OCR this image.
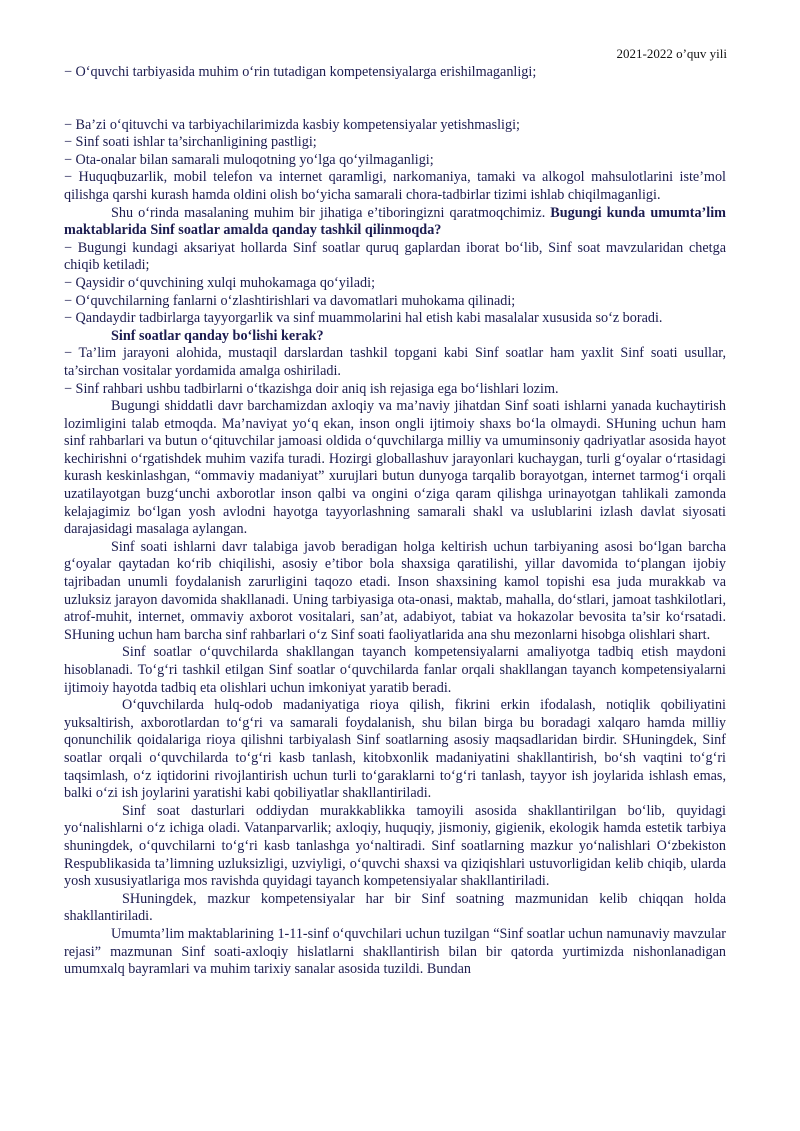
2021-2022 o’quv yili

− O‘quvchi tarbiyasida muhim o‘rin tutadigan kompetensiyalarga erishilmaganligi;

− Ba’zi o‘qituvchi va tarbiyachilarimizda kasbiy kompetensiyalar yetishmasligi;

− Sinf soati ishlar ta’sirchanligining pastligi;

− Ota-onalar bilan samarali muloqotning yo‘lga qo‘yilmaganligi;

− Huquqbuzarlik, mobil telefon va internet qaramligi, narkomaniya, tamaki va alkogol mahsulotlarini iste’mol qilishga qarshi kurash hamda oldini olish bo‘yicha samarali chora-tadbirlar tizimi ishlab chiqilmaganligi.

Shu o‘rinda masalaning muhim bir jihatiga e’tiboringizni qaratmoqchimiz. Bugungi kunda umumta’lim maktablarida Sinf soatlar amalda qanday tashkil qilinmoqda?

− Bugungi kundagi aksariyat hollarda Sinf soatlar quruq gaplardan iborat bo‘lib, Sinf soat mavzularidan chetga chiqib ketiladi;

− Qaysidir o‘quvchining xulqi muhokamaga qo‘yiladi;

− O‘quvchilarning fanlarni o‘zlashtirishlari va davomatlari muhokama qilinadi;

− Qandaydir tadbirlarga tayyorgarlik va sinf muammolarini hal etish kabi masalalar xususida so‘z boradi.

Sinf soatlar qanday bo‘lishi kerak?

− Ta’lim jarayoni alohida, mustaqil darslardan tashkil topgani kabi Sinf soatlar ham yaxlit Sinf soati usullar, ta’sirchan vositalar yordamida amalga oshiriladi.

− Sinf rahbari ushbu tadbirlarni o‘tkazishga doir aniq ish rejasiga ega bo‘lishlari lozim.

Bugungi shiddatli davr barchamizdan axloqiy va ma’naviy jihatdan Sinf soati ishlarni yanada kuchaytirish lozimligini talab etmoqda. Ma’naviyat yo‘q ekan, inson ongli ijtimoiy shaxs bo‘la olmaydi. SHuning uchun ham sinf rahbarlari va butun o‘qituvchilar jamoasi oldida o‘quvchilarga milliy va umuminsoniy qadriyatlar asosida hayot kechirishni o‘rgatishdek muhim vazifa turadi. Hozirgi globallashuv jarayonlari kuchaygan, turli g‘oyalar o‘rtasidagi kurash keskinlashgan, “ommaviy madaniyat” xurujlari butun dunyoga tarqalib borayotgan, internet tarmog‘i orqali uzatilayotgan buzg‘unchi axborotlar inson qalbi va ongini o‘ziga qaram qilishga urinayotgan tahlikali zamonda kelajagimiz bo‘lgan yosh avlodni hayotga tayyorlashning samarali shakl va uslublarini izlash davlat siyosati darajasidagi masalaga aylangan.

Sinf soati ishlarni davr talabiga javob beradigan holga keltirish uchun tarbiyaning asosi bo‘lgan barcha g‘oyalar qaytadan ko‘rib chiqilishi, asosiy e’tibor bola shaxsiga qaratilishi, yillar davomida to‘plangan ijobiy tajribadan unumli foydalanish zarurligini taqozo etadi. Inson shaxsining kamol topishi esa juda murakkab va uzluksiz jarayon davomida shakllanadi. Uning tarbiyasiga ota-onasi, maktab, mahalla, do‘stlari, jamoat tashkilotlari, atrof-muhit, internet, ommaviy axborot vositalari, san’at, adabiyot, tabiat va hokazolar bevosita ta’sir ko‘rsatadi. SHuning uchun ham barcha sinf rahbarlari o‘z Sinf soati faoliyatlarida ana shu mezonlarni hisobga olishlari shart.

Sinf soatlar o‘quvchilarda shakllangan tayanch kompetensiyalarni amaliyotga tadbiq etish maydoni hisoblanadi. To‘g‘ri tashkil etilgan Sinf soatlar o‘quvchilarda fanlar orqali shakllangan tayanch kompetensiyalarni ijtimoiy hayotda tadbiq eta olishlari uchun imkoniyat yaratib beradi.

O‘quvchilarda hulq-odob madaniyatiga rioya qilish, fikrini erkin ifodalash, notiqlik qobiliyatini yuksaltirish, axborotlardan to‘g‘ri va samarali foydalanish, shu bilan birga bu boradagi xalqaro hamda milliy qonunchilik qoidalariga rioya qilishni tarbiyalash Sinf soatlarning asosiy maqsadlaridan birdir. SHuningdek, Sinf soatlar orqali o‘quvchilarda to‘g‘ri kasb tanlash, kitobxonlik madaniyatini shakllantirish, bo‘sh vaqtini to‘g‘ri taqsimlash, o‘z iqtidorini rivojlantirish uchun turli to‘garaklarni to‘g‘ri tanlash, tayyor ish joylarida ishlash emas, balki o‘zi ish joylarini yaratishi kabi qobiliyatlar shakllantiriladi.

Sinf soat dasturlari oddiydan murakkablikka tamoyili asosida shakllantirilgan bo‘lib, quyidagi yo‘nalishlarni o‘z ichiga oladi. Vatanparvarlik; axloqiy, huquqiy, jismoniy, gigienik, ekologik hamda estetik tarbiya shuningdek, o‘quvchilarni to‘g‘ri kasb tanlashga yo‘naltiradi. Sinf soatlarning mazkur yo‘nalishlari O‘zbekiston Respublikasida ta’limning uzluksizligi, uzviyligi, o‘quvchi shaxsi va qiziqishlari ustuvorligidan kelib chiqib, ularda yosh xususiyatlariga mos ravishda quyidagi tayanch kompetensiyalar shakllantiriladi.

SHuningdek, mazkur kompetensiyalar har bir Sinf soatning mazmunidan kelib chiqqan holda shakllantiriladi.

Umumta’lim maktablarining 1-11-sinf o‘quvchilari uchun tuzilgan “Sinf soatlar uchun namunaviy mavzular rejasi” mazmunan Sinf soati-axloqiy hislatlarni shakllantirish bilan bir qatorda yurtimizda nishonlanadigan umumxalq bayramlari va muhim tarixiy sanalar asosida tuzildi. Bundan
